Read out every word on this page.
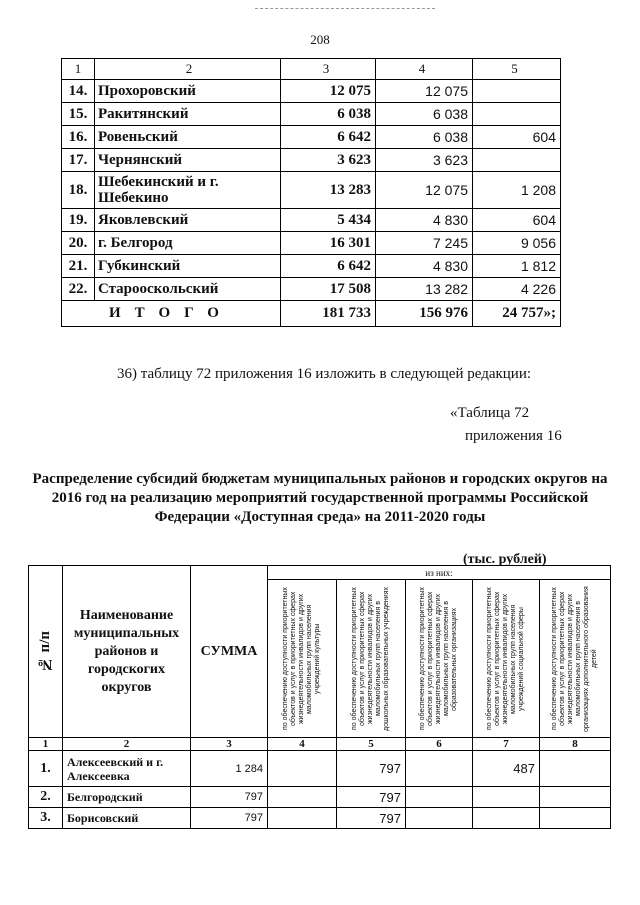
208
1	2	3	4	5
14.	Прохоровский	12 075	12 075	
15.	Ракитянский	6 038	6 038	
16.	Ровеньский	6 642	6 038	604
17.	Чернянский	3 623	3 623	
18.	Шебекинский и г. Шебекино	13 283	12 075	1 208
19.	Яковлевский	5 434	4 830	604
20.	г. Белгород	16 301	7 245	9 056
21.	Губкинский	6 642	4 830	1 812
22.	Старооскольский	17 508	13 282	4 226
ИТОГО		181 733	156 976	24 757»;
36) таблицу 72 приложения 16 изложить в следующей редакции:
«Таблица 72
приложения 16
Распределение субсидий бюджетам муниципальных районов и городских округов на 2016 год на реализацию мероприятий государственной программы Российской Федерации «Доступная среда» на 2011-2020 годы
(тыс. рублей)
№ п/п	Наименование муниципальных районов и городскогих округов	СУММА	из них:				

			по обеспечению доступности приоритетных объектов и услуг в приоритетных сферах жизнедеятельности инвалидов и других маломобильных групп населения учреждений культуры	по обеспечению доступности приоритетных объектов и услуг в приоритетных сферах жизнедеятельности инвалидов и других маломобильных групп населения в дошкольных образовательных учреждениях	по обеспечению доступности приоритетных объектов и услуг в приоритетных сферах жизнедеятельности инвалидов и других маломобильных групп населения в образовательных организациях	по обеспечению доступности приоритетных объектов и услуг в приоритетных сферах жизнедеятельности инвалидов и других маломобильных групп населения учреждений социальной сферы	по обеспечению доступности приоритетных объектов и услуг в приоритетных сферах жизнедеятельности инвалидов и других маломобильных групп населения в организациях дополнительного образования детей

1	2	3	4	5	6	7	8
1.	Алексеевский и г. Алексеевка	1 284		797		487	
2.	Белгородский	797		797			
3.	Борисовский	797		797			
